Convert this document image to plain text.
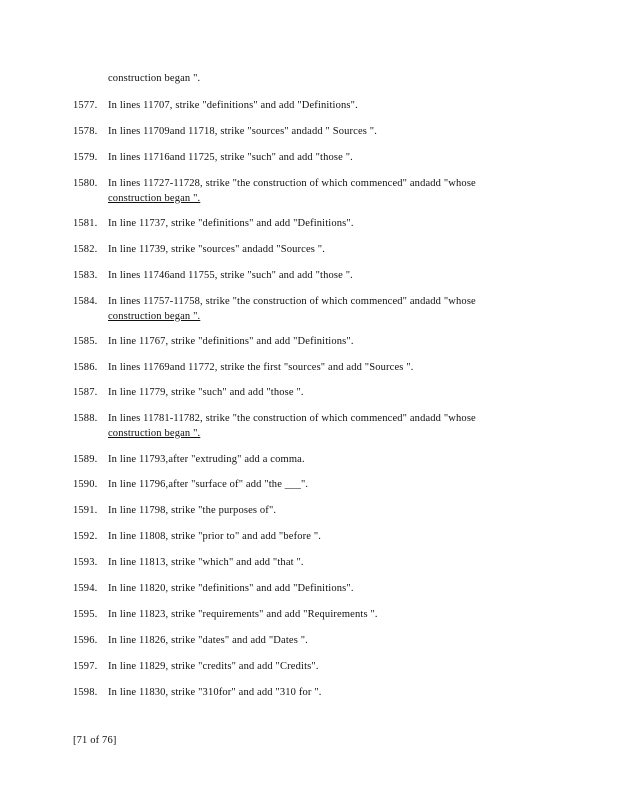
construction began ".
1577. In lines 11707, strike "definitions" and add "Definitions".
1578. In lines 11709and 11718, strike "sources" andadd " Sources ".
1579. In lines 11716and 11725, strike "such" and add "those ".
1580. In lines 11727-11728, strike "the construction of which commenced" andadd "whose
construction began ".
1581. In line 11737, strike "definitions" and add "Definitions".
1582. In line 11739, strike "sources" andadd "Sources ".
1583. In lines 11746and 11755, strike "such" and add "those ".
1584. In lines 11757-11758, strike "the construction of which commenced" andadd "whose
construction began ".
1585. In line 11767, strike "definitions" and add "Definitions".
1586. In lines 11769and 11772, strike the first "sources" and add "Sources ".
1587. In line 11779, strike "such" and add "those ".
1588. In lines 11781-11782, strike "the construction of which commenced" andadd "whose
construction began ".
1589. In line 11793,after "extruding" add a comma.
1590. In line 11796,after "surface of" add "the ___".
1591. In line 11798, strike "the purposes of".
1592. In line 11808, strike "prior to" and add "before ".
1593. In line 11813, strike "which" and add "that ".
1594. In line 11820, strike "definitions" and add "Definitions".
1595. In line 11823, strike "requirements" and add "Requirements ".
1596. In line 11826, strike "dates" and add "Dates ".
1597. In line 11829, strike "credits" and add "Credits".
1598. In line 11830, strike "310for" and add "310 for ".
[71 of 76]
